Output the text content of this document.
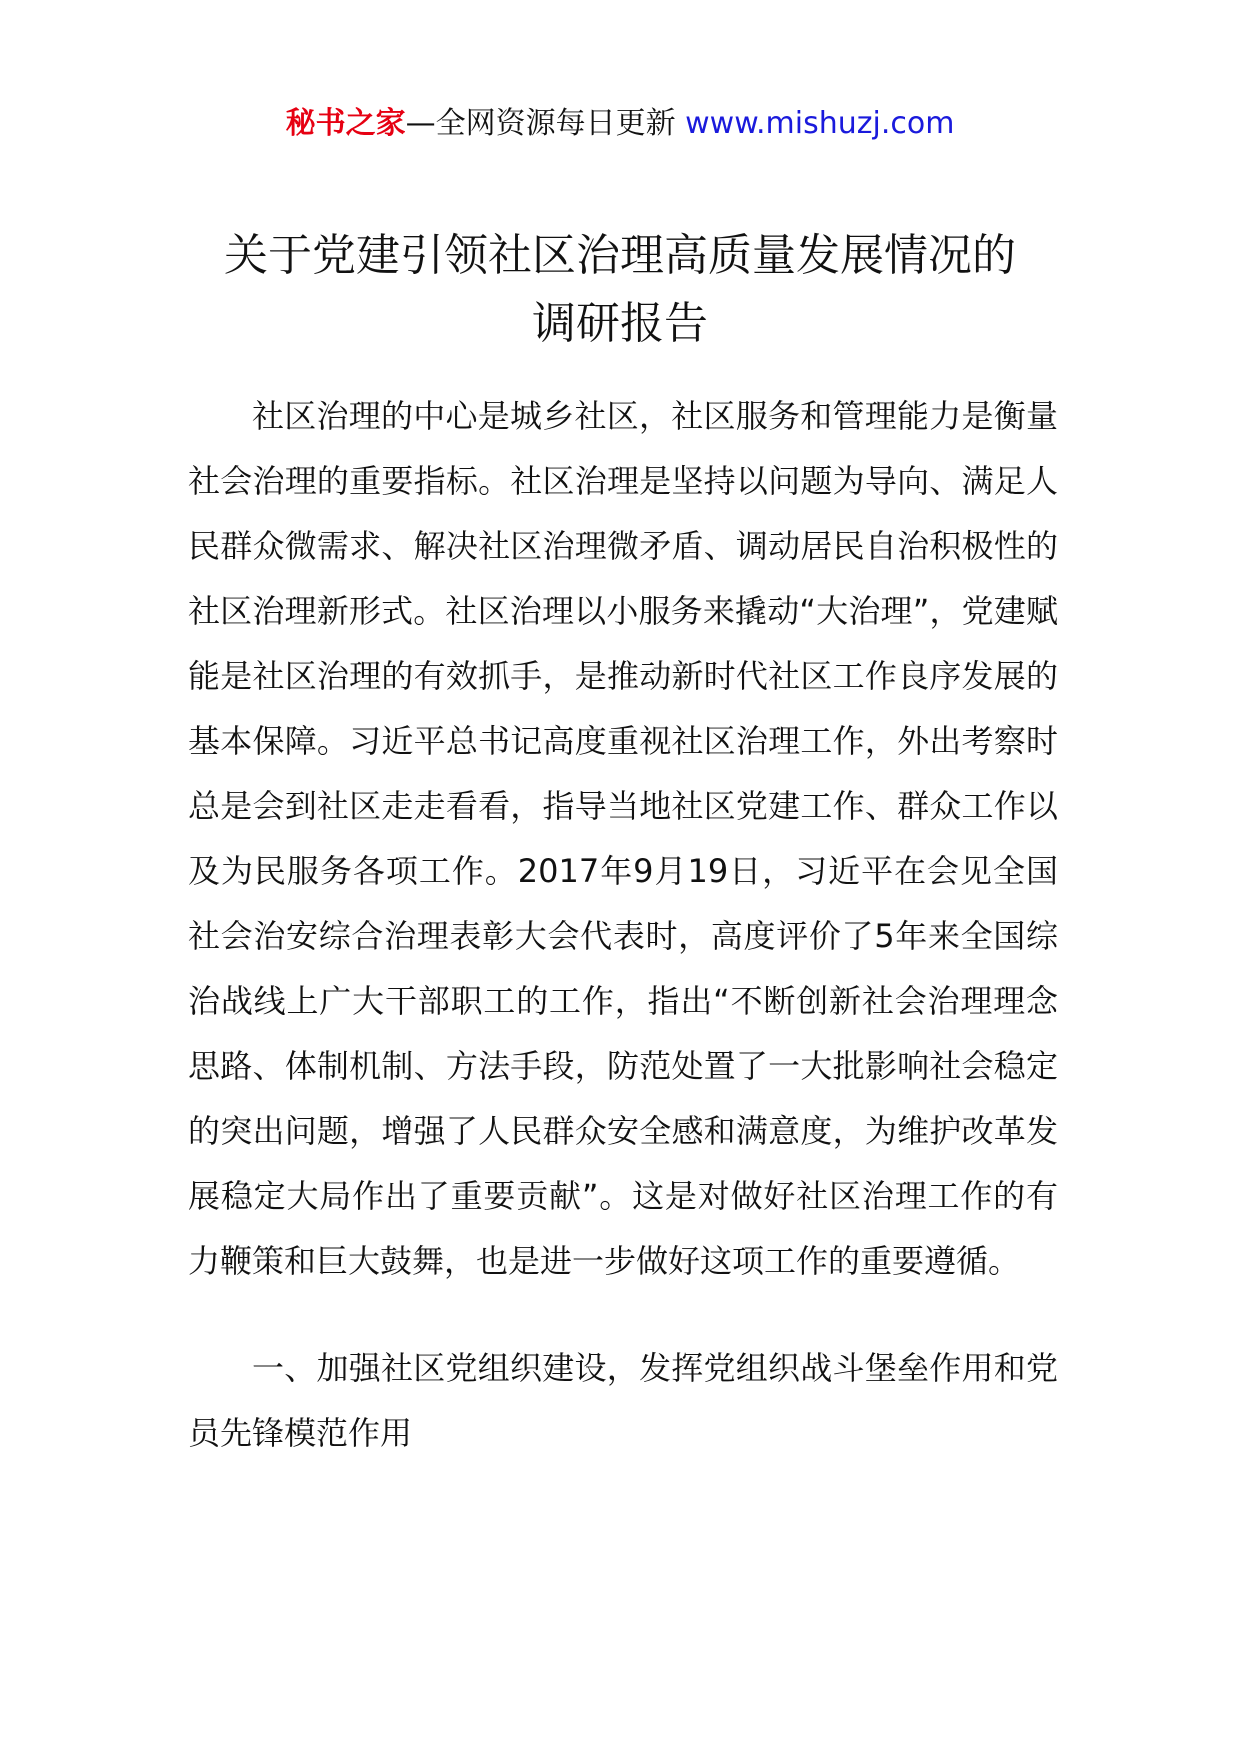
秘书之家—全网资源每日更新 www.mishuzj.com
关于党建引领社区治理高质量发展情况的
调研报告

社区治理的中心是城乡社区，社区服务和管理能力是衡量社会治理的重要指标。社区治理是坚持以问题为导向、满足人民群众微需求、解决社区治理微矛盾、调动居民自治积极性的社区治理新形式。社区治理以小服务来撬动“大治理”，党建赋能是社区治理的有效抓手，是推动新时代社区工作良序发展的基本保障。习近平总书记高度重视社区治理工作，外出考察时总是会到社区走走看看，指导当地社区党建工作、群众工作以及为民服务各项工作。2017年9月19日，习近平在会见全国社会治安综合治理表彰大会代表时，高度评价了5年来全国综治战线上广大干部职工的工作，指出“不断创新社会治理理念思路、体制机制、方法手段，防范处置了一大批影响社会稳定的突出问题，增强了人民群众安全感和满意度，为维护改革发展稳定大局作出了重要贡献”。这是对做好社区治理工作的有力鞭策和巨大鼓舞，也是进一步做好这项工作的重要遵循。

一、加强社区党组织建设，发挥党组织战斗堡垒作用和党员先锋模范作用
